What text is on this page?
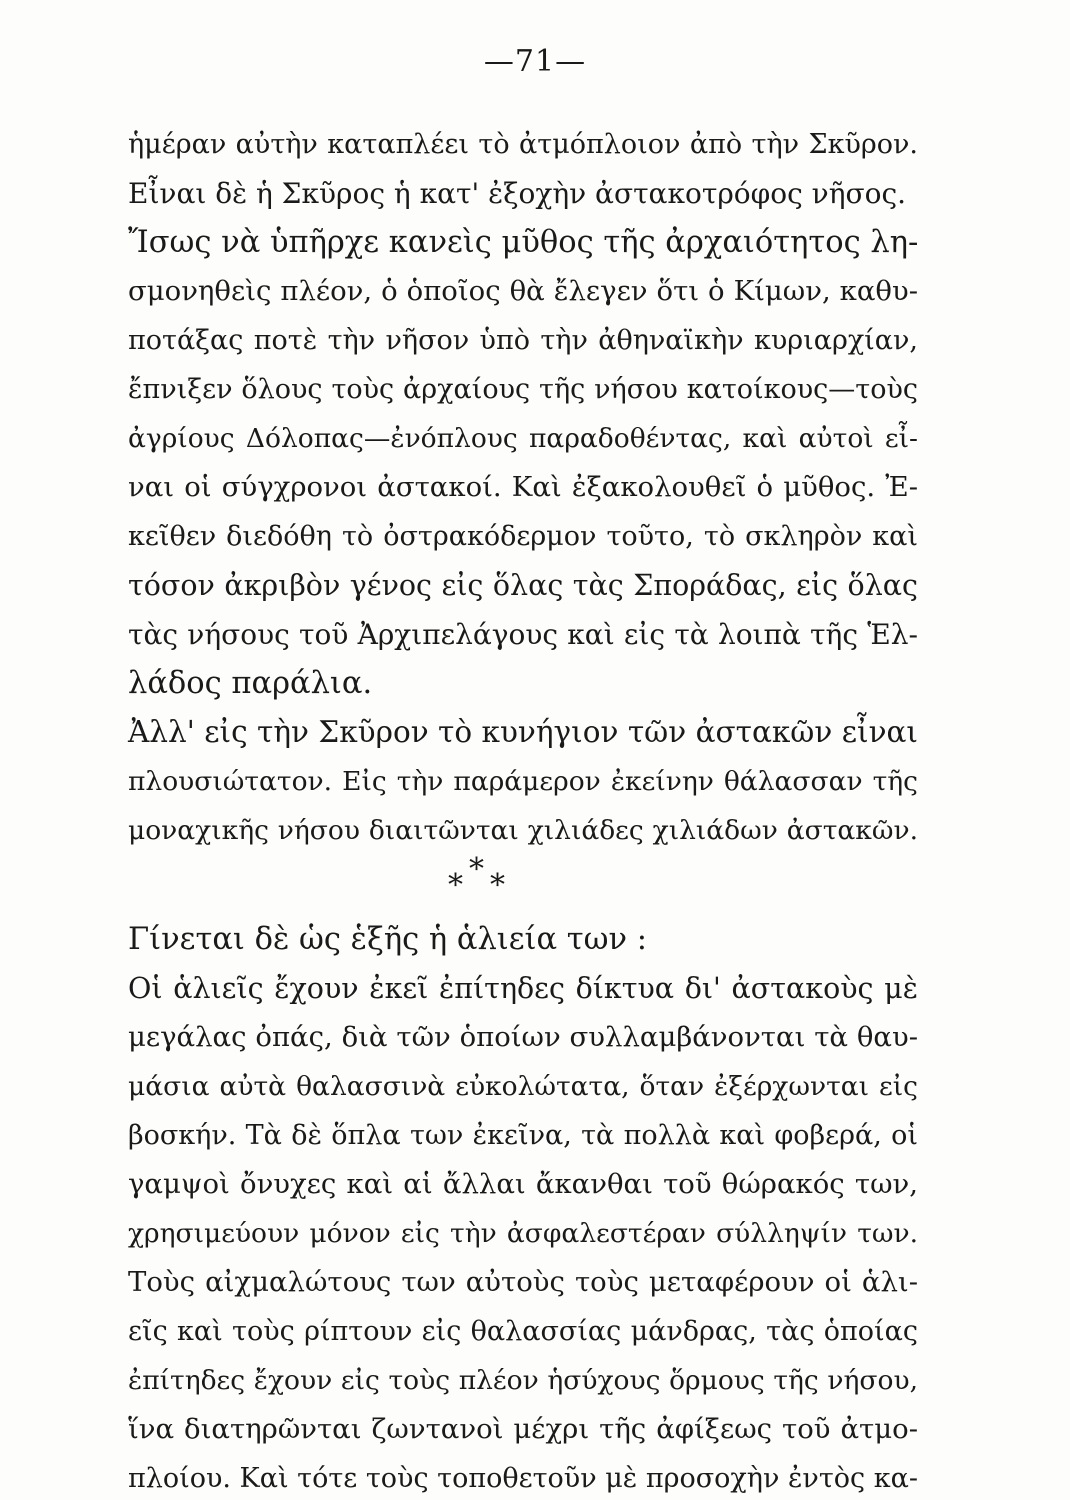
—71—
ἡμέραν αὐτὴν καταπλέει τὸ ἀτμόπλοιον ἀπὸ τὴν Σκῦρον.
Εἶναι δὲ ἡ Σκῦρος ἡ κατ' ἐξοχὴν ἀστακοτρόφος νῆσος.
Ἴσως νὰ ὑπῆρχε κανεὶς μῦθος τῆς ἀρχαιότητος λη-
σμονηθεὶς πλέον, ὁ ὁποῖος θὰ ἔλεγεν ὅτι ὁ Κίμων, καθυ-
ποτάξας ποτὲ τὴν νῆσον ὑπὸ τὴν ἀθηναϊκὴν κυριαρχίαν,
ἔπνιξεν ὅλους τοὺς ἀρχαίους τῆς νήσου κατοίκους—τοὺς
ἀγρίους Δόλοπας—ἐνόπλους παραδοθέντας, καὶ αὐτοὶ εἶ-
ναι οἱ σύγχρονοι ἀστακοί. Καὶ ἐξακολουθεῖ ὁ μῦθος. Ἐ-
κεῖθεν διεδόθη τὸ ὀστρακόδερμον τοῦτο, τὸ σκληρὸν καὶ
τόσον ἀκριβὸν γένος εἰς ὅλας τὰς Σποράδας, εἰς ὅλας
τὰς νήσους τοῦ Ἀρχιπελάγους καὶ εἰς τὰ λοιπὰ τῆς Ἑλ-
λάδος παράλια.
Ἀλλ' εἰς τὴν Σκῦρον τὸ κυνήγιον τῶν ἀστακῶν εἶναι
πλουσιώτατον. Εἰς τὴν παράμερον ἐκείνην θάλασσαν τῆς
μοναχικῆς νήσου διαιτῶνται χιλιάδες χιλιάδων ἀστακῶν.
*
* *
Γίνεται δὲ ὡς ἑξῆς ἡ ἁλιεία των :
Οἱ ἁλιεῖς ἔχουν ἐκεῖ ἐπίτηδες δίκτυα δι' ἀστακοὺς μὲ
μεγάλας ὀπάς, διὰ τῶν ὁποίων συλλαμβάνονται τὰ θαυ-
μάσια αὐτὰ θαλασσινὰ εὐκολώτατα, ὅταν ἐξέρχωνται εἰς
βοσκήν. Τὰ δὲ ὅπλα των ἐκεῖνα, τὰ πολλὰ καὶ φοβερά, οἱ
γαμψοὶ ὄνυχες καὶ αἱ ἄλλαι ἄκανθαι τοῦ θώρακός των,
χρησιμεύουν μόνον εἰς τὴν ἀσφαλεστέραν σύλληψίν των.
Τοὺς αἰχμαλώτους των αὐτοὺς τοὺς μεταφέρουν οἱ ἁλι-
εῖς καὶ τοὺς ρίπτουν εἰς θαλασσίας μάνδρας, τὰς ὁποίας
ἐπίτηδες ἔχουν εἰς τοὺς πλέον ἡσύχους ὅρμους τῆς νήσου,
ἵνα διατηρῶνται ζωντανοὶ μέχρι τῆς ἀφίξεως τοῦ ἀτμο-
πλοίου. Καὶ τότε τοὺς τοποθετοῦν μὲ προσοχὴν ἐντὸς κα-
